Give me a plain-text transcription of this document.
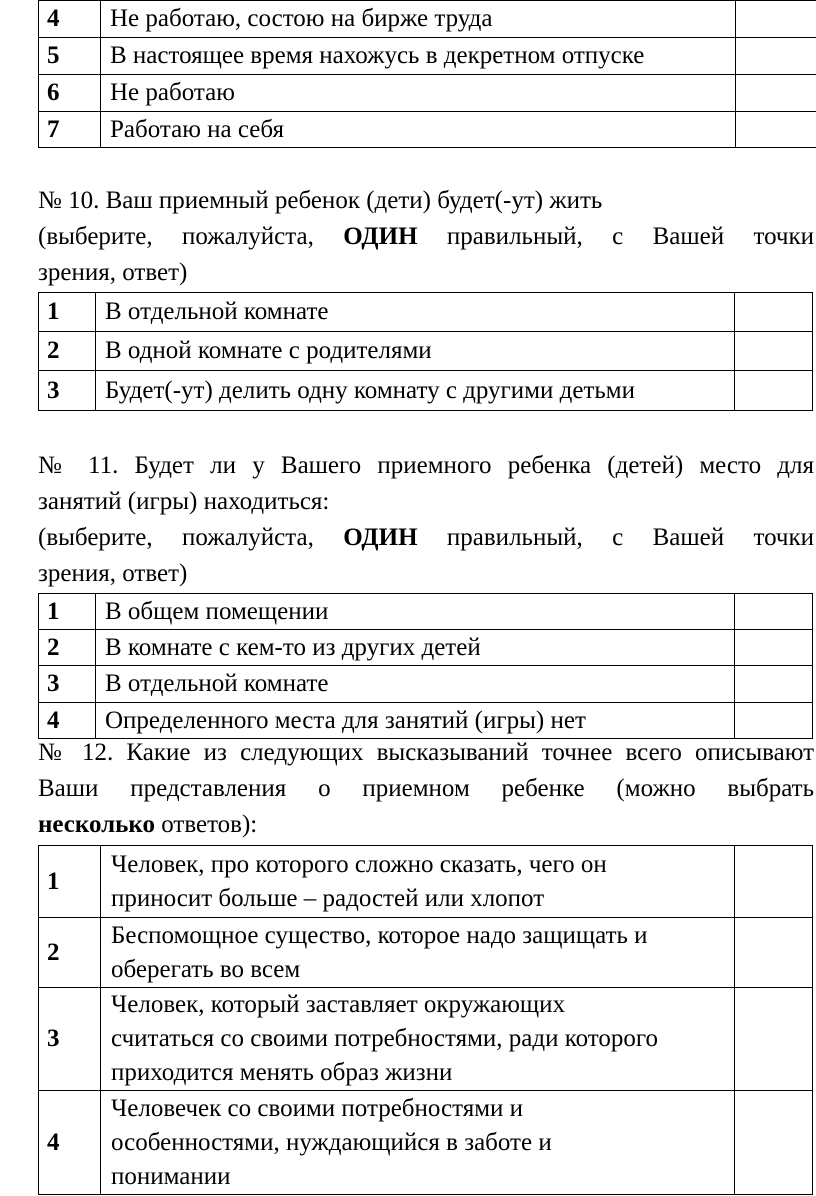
4	Не работаю, состою на бирже труда	
5	В настоящее время нахожусь в декретном отпуске	
6	Не работаю	
7	Работаю на себя	
№ 10. Ваш приемный ребенок (дети) будет(-ут) жить
(выберите, пожалуйста, ОДИН правильный, с Вашей точки
зрения, ответ)
1	В отдельной комнате	
2	В одной комнате с родителями	
3	Будет(-ут) делить одну комнату с другими детьми	
№ 11. Будет ли у Вашего приемного ребенка (детей) место для
занятий (игры) находиться:
(выберите, пожалуйста, ОДИН правильный, с Вашей точки
зрения, ответ)
1	В общем помещении	
2	В комнате с кем-то из других детей	
3	В отдельной комнате	
4	Определенного места для занятий (игры) нет	
№ 12. Какие из следующих высказываний точнее всего описывают
Ваши представления о приемном ребенке (можно выбрать
несколько ответов):
1	Человек, про которого сложно сказать, чего он
приносит больше – радостей или хлопот	

2	Беспомощное существо, которое надо защищать и
оберегать во всем	

3	Человек, который заставляет окружающих
считаться со своими потребностями, ради которого
приходится менять образ жизни	

4	Человечек со своими потребностями и
особенностями, нуждающийся в заботе и
понимании	
